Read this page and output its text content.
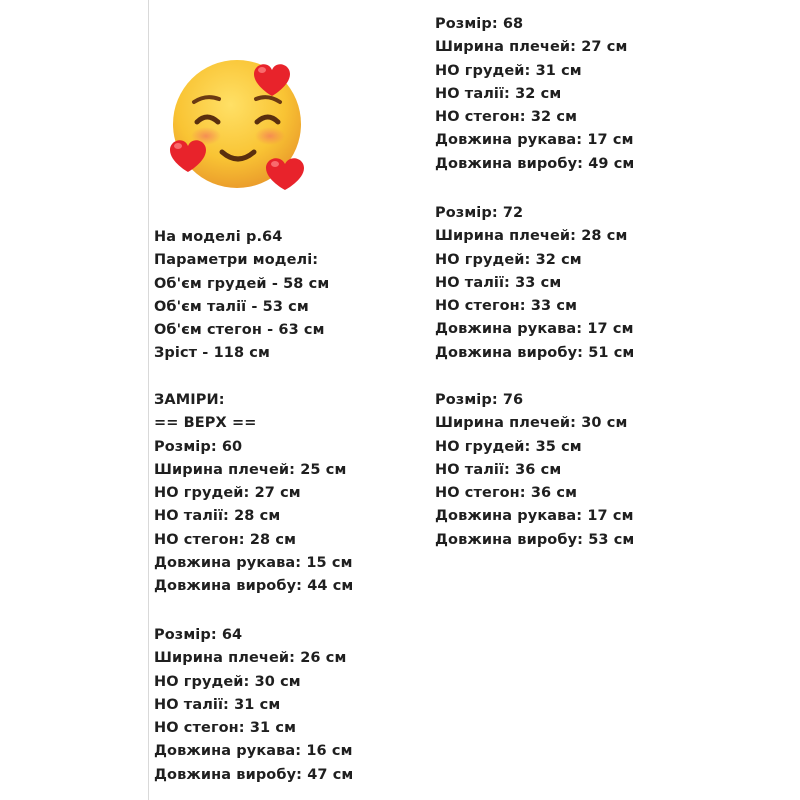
На моделі р.64
Параметри моделі:
Об'єм грудей - 58 см
Об'єм талії - 53 см
Об'єм стегон - 63 см
Зріст - 118 см
ЗАМІРИ:
== ВЕРХ ==
Розмір: 60
Ширина плечей: 25 см
НО грудей: 27 см
НО талії: 28 см
НО стегон: 28 см
Довжина рукава: 15 см
Довжина виробу: 44 см
Розмір: 64
Ширина плечей: 26 см
НО грудей: 30 см
НО талії: 31 см
НО стегон: 31 см
Довжина рукава: 16 см
Довжина виробу: 47 см
Розмір: 68
Ширина плечей: 27 см
НО грудей: 31 см
НО талії: 32 см
НО стегон: 32 см
Довжина рукава: 17 см
Довжина виробу: 49 см
Розмір: 72
Ширина плечей: 28 см
НО грудей: 32 см
НО талії: 33 см
НО стегон: 33 см
Довжина рукава: 17 см
Довжина виробу: 51 см
Розмір: 76
Ширина плечей: 30 см
НО грудей: 35 см
НО талії: 36 см
НО стегон: 36 см
Довжина рукава: 17 см
Довжина виробу: 53 см
